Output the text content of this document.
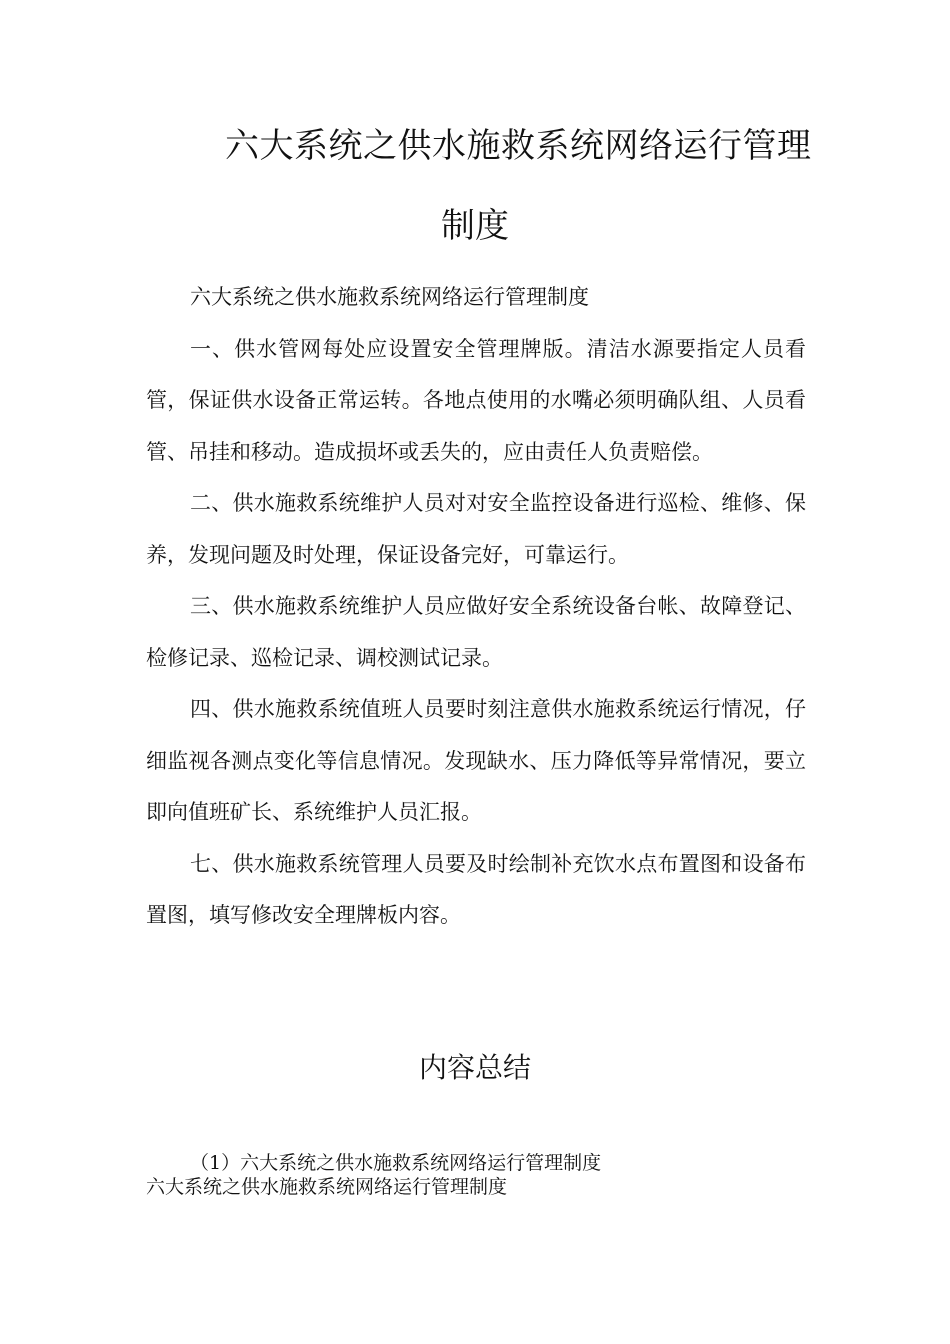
六大系统之供水施救系统网络运行管理
制度

六大系统之供水施救系统网络运行管理制度

一、供水管网每处应设置安全管理牌版。清洁水源要指定人员看管，保证供水设备正常运转。各地点使用的水嘴必须明确队组、人员看管、吊挂和移动。造成损坏或丢失的，应由责任人负责赔偿。

二、供水施救系统维护人员对对安全监控设备进行巡检、维修、保养，发现问题及时处理，保证设备完好，可靠运行。

三、供水施救系统维护人员应做好安全系统设备台帐、故障登记、检修记录、巡检记录、调校测试记录。

四、供水施救系统值班人员要时刻注意供水施救系统运行情况，仔细监视各测点变化等信息情况。发现缺水、压力降低等异常情况，要立即向值班矿长、系统维护人员汇报。

七、供水施救系统管理人员要及时绘制补充饮水点布置图和设备布置图，填写修改安全理牌板内容。

内容总结
（1）六大系统之供水施救系统网络运行管理制度
六大系统之供水施救系统网络运行管理制度
